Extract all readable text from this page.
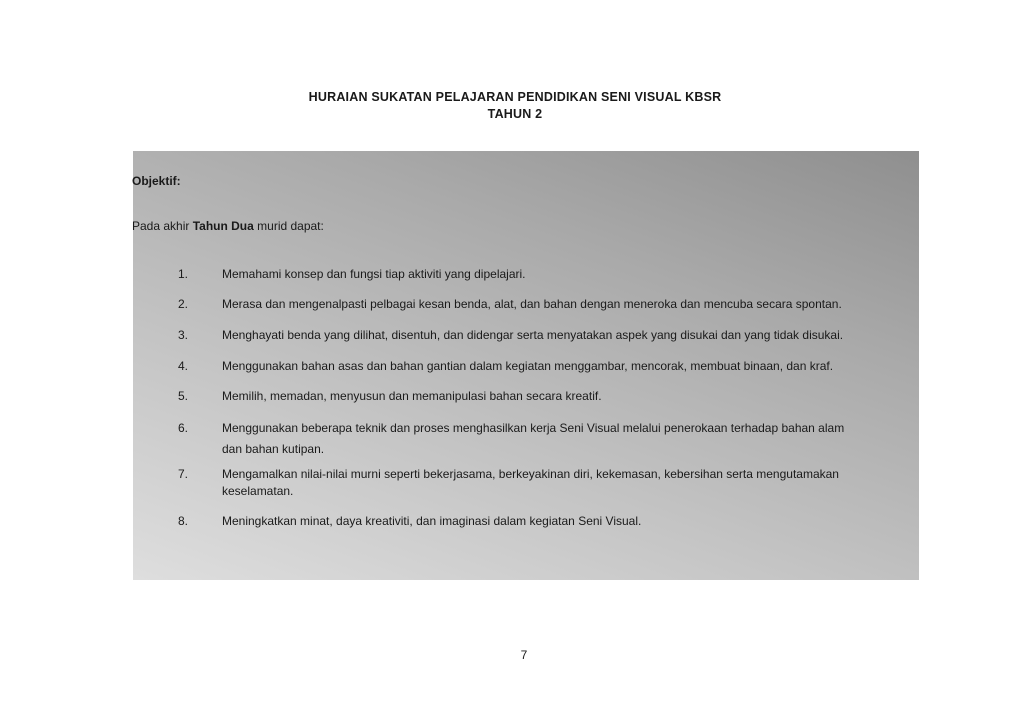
HURAIAN SUKATAN PELAJARAN PENDIDIKAN SENI VISUAL KBSR
TAHUN 2
Objektif:
Pada akhir Tahun Dua murid dapat:
1.	Memahami konsep dan fungsi tiap aktiviti yang dipelajari.
2.	Merasa dan mengenalpasti pelbagai kesan benda, alat, dan bahan dengan meneroka dan mencuba secara spontan.
3.	Menghayati benda yang dilihat, disentuh, dan didengar serta menyatakan aspek yang disukai dan yang tidak disukai.
4.	Menggunakan bahan asas dan bahan gantian dalam kegiatan menggambar, mencorak, membuat binaan, dan kraf.
5.	Memilih, memadan, menyusun dan memanipulasi bahan secara kreatif.
6.	Menggunakan beberapa teknik dan proses menghasilkan kerja Seni Visual melalui penerokaan terhadap bahan alam
dan bahan kutipan.
7.	Mengamalkan nilai-nilai murni seperti bekerjasama, berkeyakinan diri, kekemasan, kebersihan serta mengutamakan
keselamatan.
8.	Meningkatkan minat, daya kreativiti, dan imaginasi dalam kegiatan Seni Visual.
7
